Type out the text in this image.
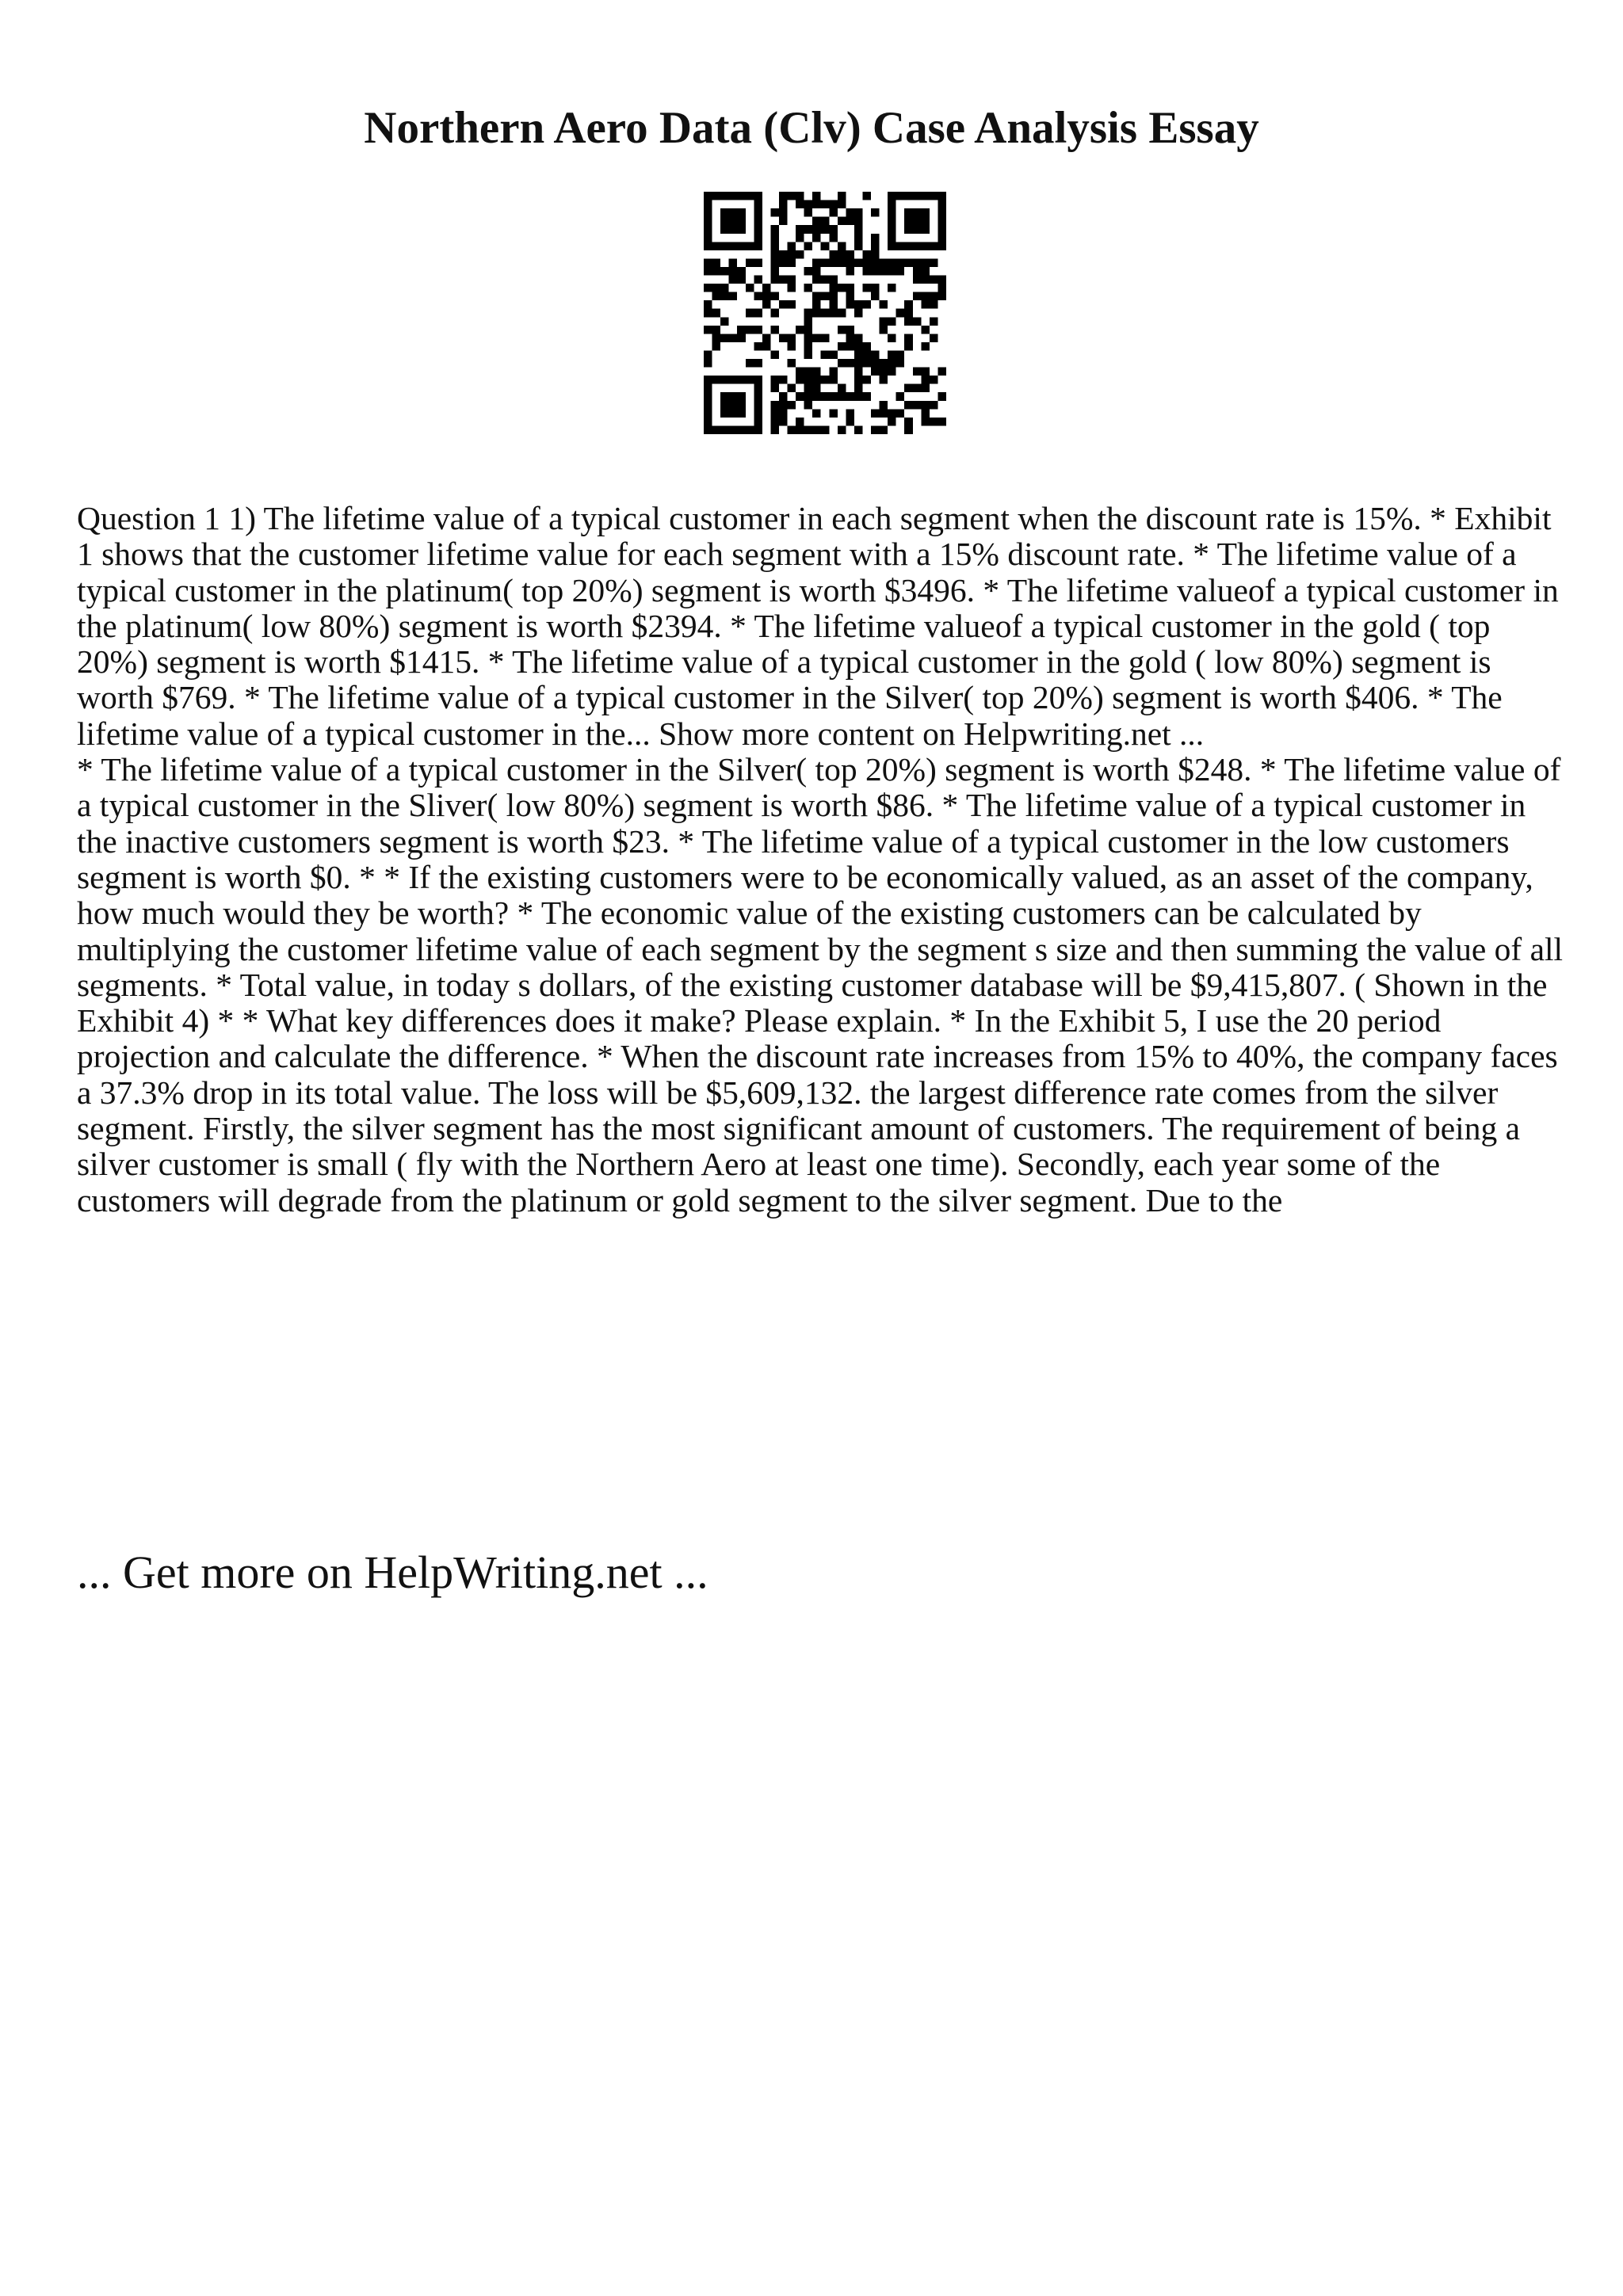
Northern Aero Data (Clv) Case Analysis Essay

Question 1 1) The lifetime value of a typical customer in each segment when the discount rate is 15%. * Exhibit 1 shows that the customer lifetime value for each segment with a 15% discount rate. * The lifetime value of a typical customer in the platinum( top 20%) segment is worth $3496. * The lifetime valueof a typical customer in the platinum( low 80%) segment is worth $2394. * The lifetime valueof a typical customer in the gold ( top 20%) segment is worth $1415. * The lifetime value of a typical customer in the gold ( low 80%) segment is worth $769. * The lifetime value of a typical customer in the Silver( top 20%) segment is worth $406. * The lifetime value of a typical customer in the... Show more content on Helpwriting.net ...

* The lifetime value of a typical customer in the Silver( top 20%) segment is worth $248. * The lifetime value of a typical customer in the Sliver( low 80%) segment is worth $86. * The lifetime value of a typical customer in the inactive customers segment is worth $23. * The lifetime value of a typical customer in the low customers segment is worth $0. * * If the existing customers were to be economically valued, as an asset of the company, how much would they be worth? * The economic value of the existing customers can be calculated by multiplying the customer lifetime value of each segment by the segment s size and then summing the value of all segments. * Total value, in today s dollars, of the existing customer database will be $9,415,807. ( Shown in the Exhibit 4) * * What key differences does it make? Please explain. * In the Exhibit 5, I use the 20 period projection and calculate the difference. * When the discount rate increases from 15% to 40%, the company faces a 37.3% drop in its total value. The loss will be $5,609,132. the largest difference rate comes from the silver segment. Firstly, the silver segment has the most significant amount of customers. The requirement of being a silver customer is small ( fly with the Northern Aero at least one time). Secondly, each year some of the customers will degrade from the platinum or gold segment to the silver segment. Due to the

... Get more on HelpWriting.net ...
